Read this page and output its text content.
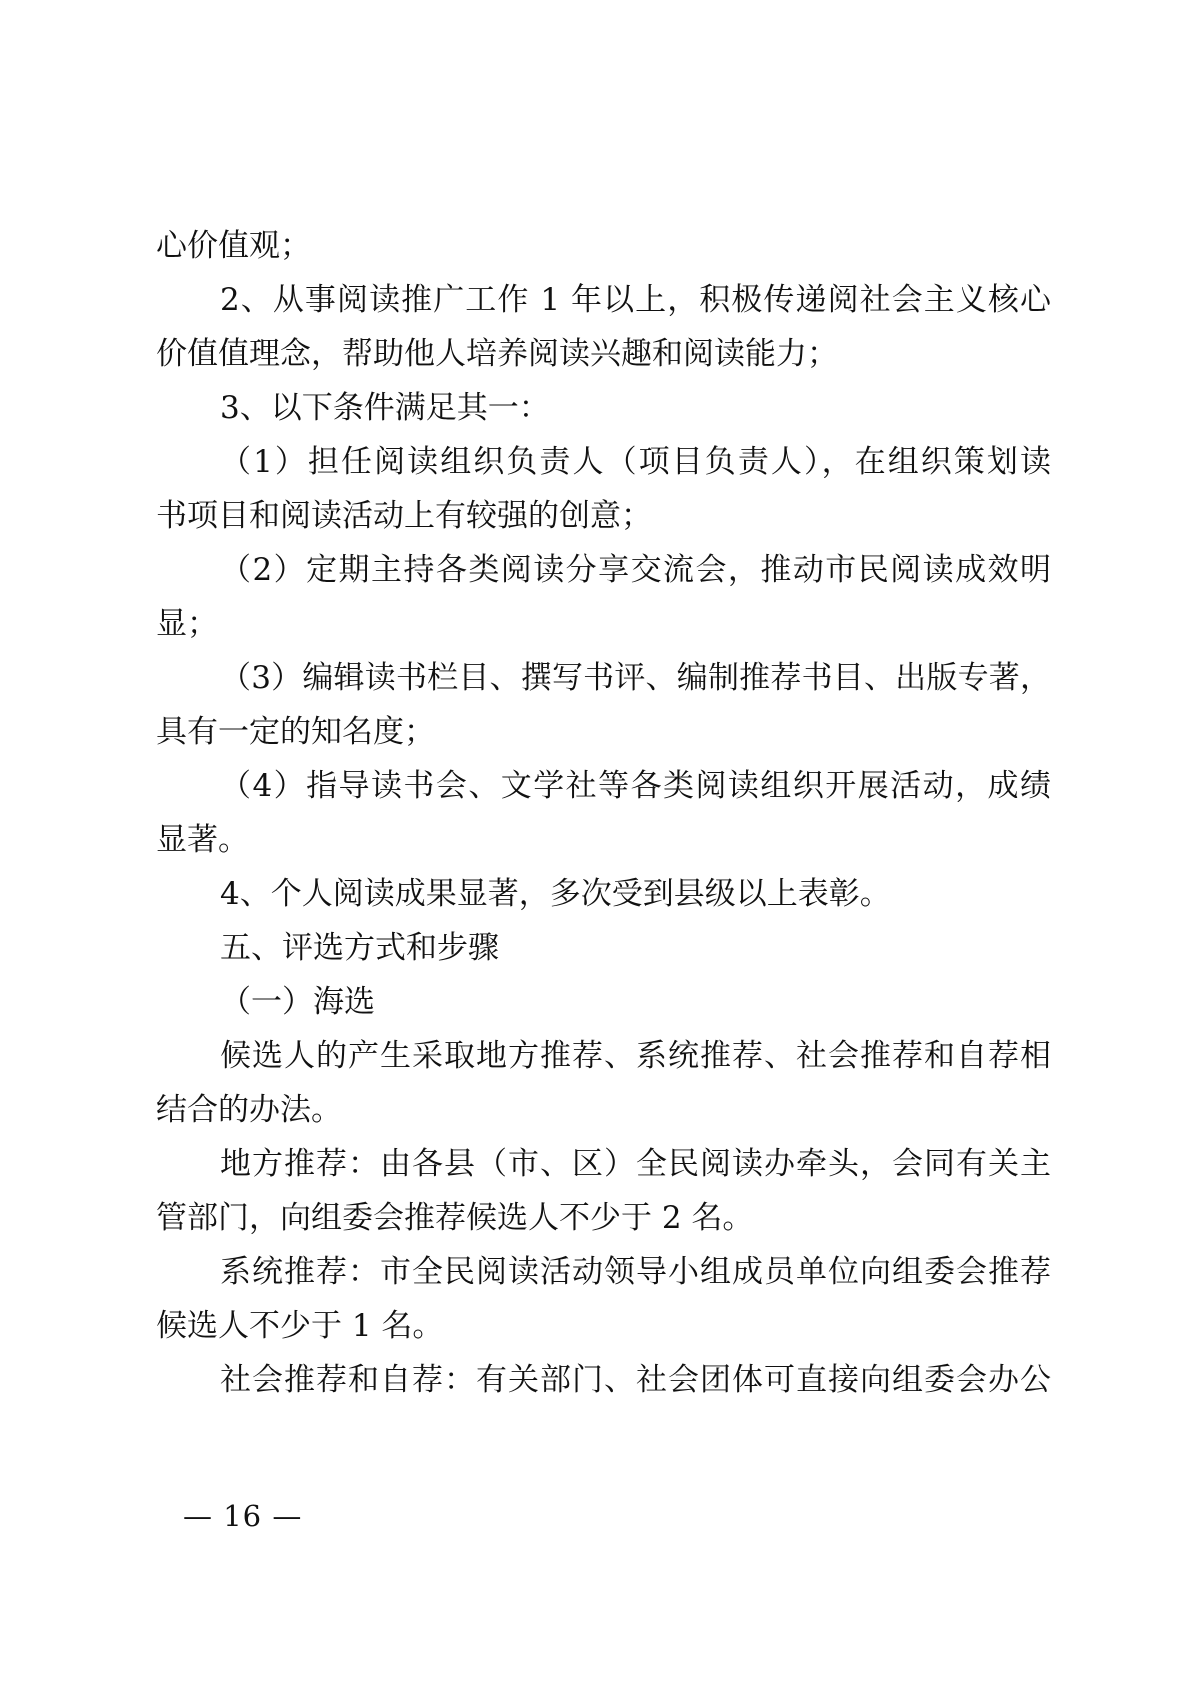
心价值观；
2、从事阅读推广工作 1 年以上，积极传递阅社会主义核心
价值值理念，帮助他人培养阅读兴趣和阅读能力；
3、以下条件满足其一：
（1）担任阅读组织负责人（项目负责人），在组织策划读
书项目和阅读活动上有较强的创意；
（2）定期主持各类阅读分享交流会，推动市民阅读成效明
显；
（3）编辑读书栏目、撰写书评、编制推荐书目、出版专著，
具有一定的知名度；
（4）指导读书会、文学社等各类阅读组织开展活动，成绩
显著。
4、个人阅读成果显著，多次受到县级以上表彰。
五、评选方式和步骤
（一）海选
候选人的产生采取地方推荐、系统推荐、社会推荐和自荐相
结合的办法。
地方推荐：由各县（市、区）全民阅读办牵头，会同有关主
管部门，向组委会推荐候选人不少于 2 名。
系统推荐：市全民阅读活动领导小组成员单位向组委会推荐
候选人不少于 1 名。
社会推荐和自荐：有关部门、社会团体可直接向组委会办公
— 16 —
